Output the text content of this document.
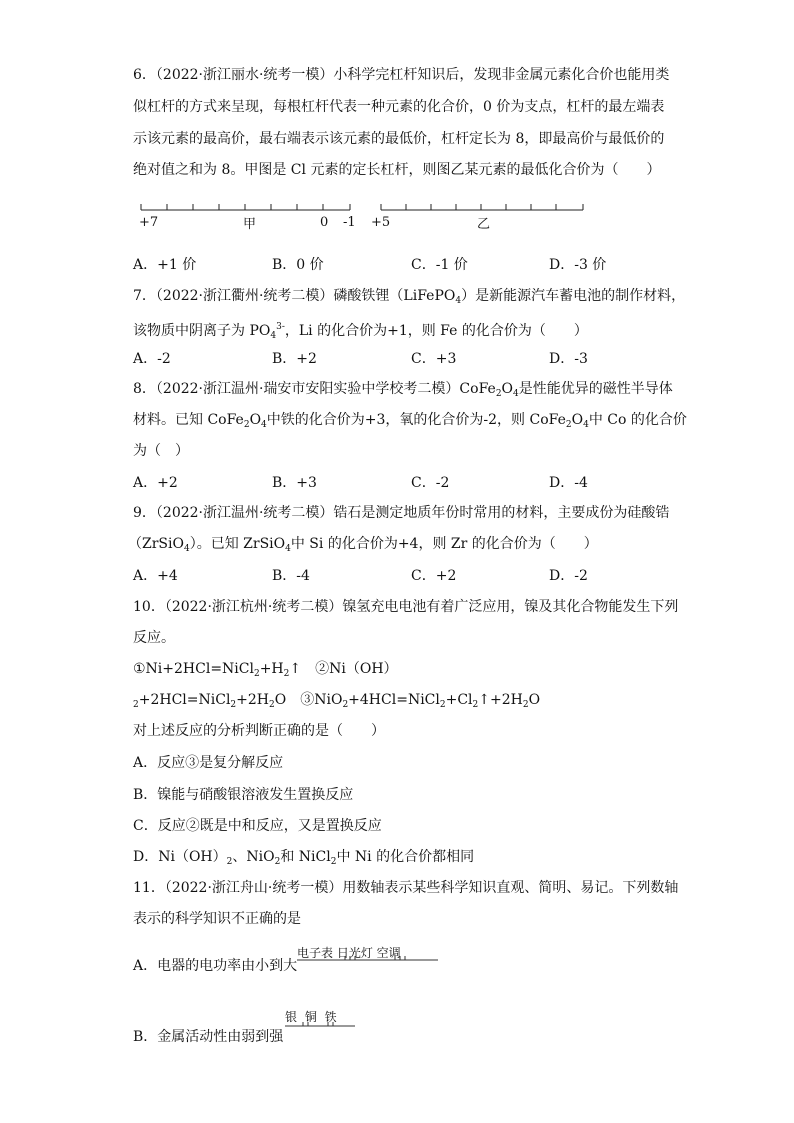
6．（2022·浙江丽水·统考一模）小科学完杠杆知识后，发现非金属元素化合价也能用类
似杠杆的方式来呈现，每根杠杆代表一种元素的化合价，0 价为支点，杠杆的最左端表
示该元素的最高价，最右端表示该元素的最低价，杠杆定长为 8，即最高价与最低价的
绝对值之和为 8。甲图是 Cl 元素的定长杠杆，则图乙某元素的最低化合价为（　　）
+7	甲	0 -1 +5	乙
A．+1 价	B．0 价	C．-1 价	D．-3 价
7．（2022·浙江衢州·统考二模）磷酸铁锂（LiFePO$_4$）是新能源汽车蓄电池的制作材料，
该物质中阴离子为 $PO_4^{3-}$，Li 的化合价为+1，则 Fe 的化合价为（　　）
A．-2	B．+2	C．+3	D．-3
8．（2022·浙江温州·瑞安市安阳实验中学校考二模）$CoFe_2O_4$是性能优异的磁性半导体
材料。已知 $CoFe_2O_4$中铁的化合价为+3，氧的化合价为-2，则 $CoFe_2O_4$中 Co 的化合价
为（　）
A．+2	B．+3	C．-2	D．-4
9．（2022·浙江温州·统考二模）锆石是测定地质年份时常用的材料，主要成份为硅酸锆
（ZrSiO$_4$）。已知 ZrSiO$_4$中 Si 的化合价为+4，则 Zr 的化合价为（　　）
A．+4	B．-4	C．+2	D．-2
10．（2022·浙江杭州·统考二模）镍氢充电电池有着广泛应用，镍及其化合物能发生下列
反应。
$①Ni+2HCl=NiCl_2+H_2↑$　②Ni（OH）
$_2+2HCl=NiCl_2+2H_2O$　$③NiO_2+4HCl=NiCl_2+Cl_2↑+2H_2O$
对上述反应的分析判断正确的是（　　）
A．反应③是复分解反应
B．镍能与硝酸银溶液发生置换反应
C．反应②既是中和反应，又是置换反应
D．$Ni(OH)_2$、NiO$_2$和 NiCl$_2$中 Ni 的化合价都相同
11．（2022·浙江舟山·统考一模）用数轴表示某些科学知识直观、简明、易记。下列数轴
表示的科学知识不正确的是
A．电器的电功率由小到大
电子表 日光灯 空调
B．金属活动性由弱到强
银 铜 铁
